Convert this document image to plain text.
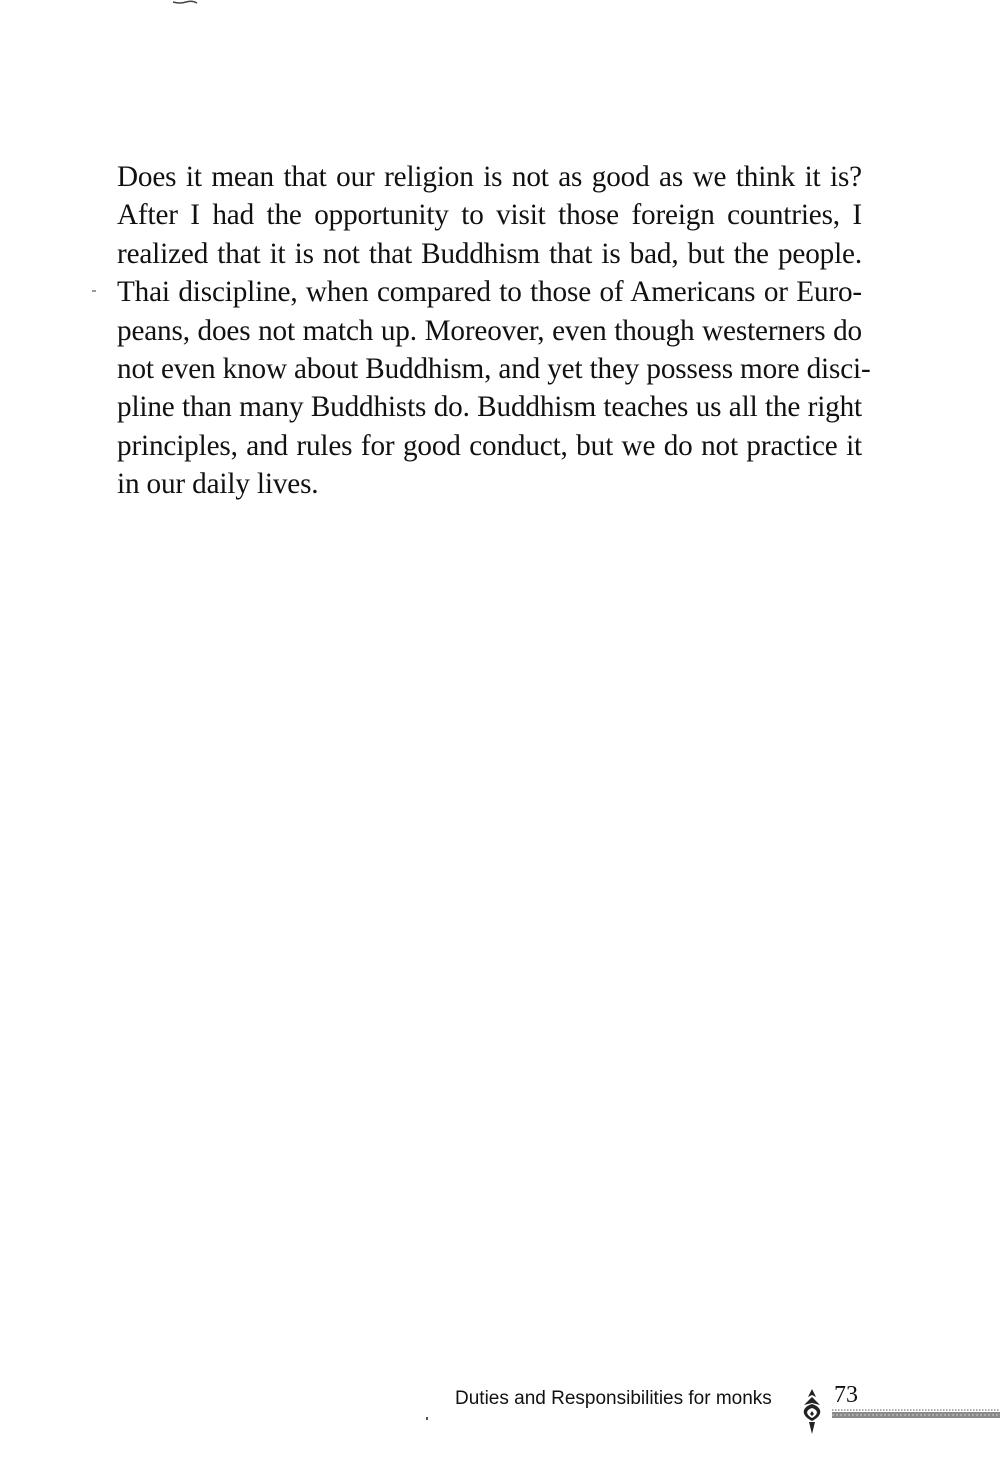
Does it mean that our religion is not as good as we think it is?
After I had the opportunity to visit those foreign countries, I
realized that it is not that Buddhism that is bad, but the people.
Thai discipline, when compared to those of Americans or Euro-
peans, does not match up. Moreover, even though westerners do
not even know about Buddhism, and yet they possess more disci-
pline than many Buddhists do. Buddhism teaches us all the right
principles, and rules for good conduct, but we do not practice it
in our daily lives.
Duties and Responsibilities for monks	73
